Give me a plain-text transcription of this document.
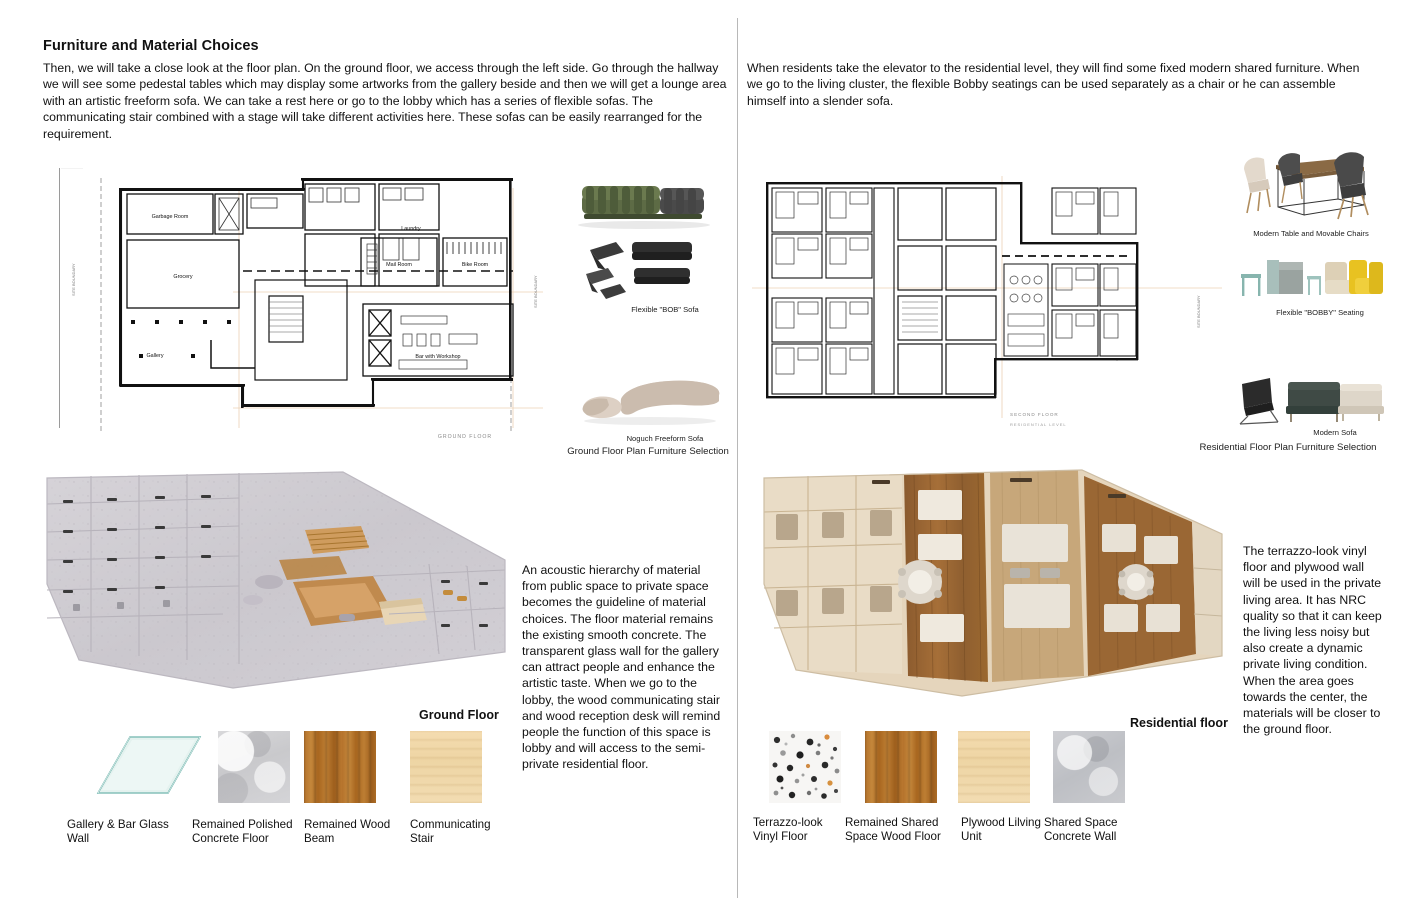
Furniture and Material Choices
Then, we will take a close look at the floor plan. On the ground floor, we access through the left side. Go through the hallway we will see some pedestal tables which may display some artworks from the gallery beside and then we will get a lounge area with an artistic freeform sofa. We can take a rest here or go to the lobby which has a series of flexible sofas. The communicating stair combined with a stage will take different activities here. These sofas can be easily rearranged for the requirement.
When residents take the elevator to the residential level, they will find some fixed modern shared furniture. When we go to the living cluster, the flexible Bobby seatings can be used separately as a chair or he can assemble himself into a slender sofa.
Garbage Room
Grocery
Laundry
Gallery
Mail Room	Bike Room
Bar with Workshop
SITE BOUNDARY	SITE BOUNDARY
GROUND FLOOR
Flexible "BOB" Sofa
Noguch Freeform Sofa
Ground Floor Plan Furniture Selection
SECOND FLOOR
RESIDENTIAL LEVEL
SITE BOUNDARY
Modern Table and Movable Chairs
Flexible "BOBBY" Seating
Modern Sofa
Residential Floor Plan Furniture Selection
Ground Floor
An acoustic hierarchy of material from public space to private space becomes the guideline of material choices. The floor material remains the existing smooth concrete. The transparent glass wall for the gallery can attract people and enhance the artistic taste. When we go to the lobby, the wood communicating stair and wood reception desk will remind people the function of this space is lobby and will access to the semi-private residential floor.
Residential floor
The terrazzo-look vinyl floor and plywood wall will be used in the private living area. It has NRC quality so that it can keep the living less noisy but also create a dynamic private living condition. When the area goes towards the center, the materials will be closer to the ground floor.
Gallery & Bar Glass Wall
Remained Polished Concrete Floor
Remained Wood Beam
Communicating Stair
Terrazzo-look Vinyl Floor
Remained Shared Space Wood Floor
Plywood Lilving Unit
Shared Space Concrete Wall
